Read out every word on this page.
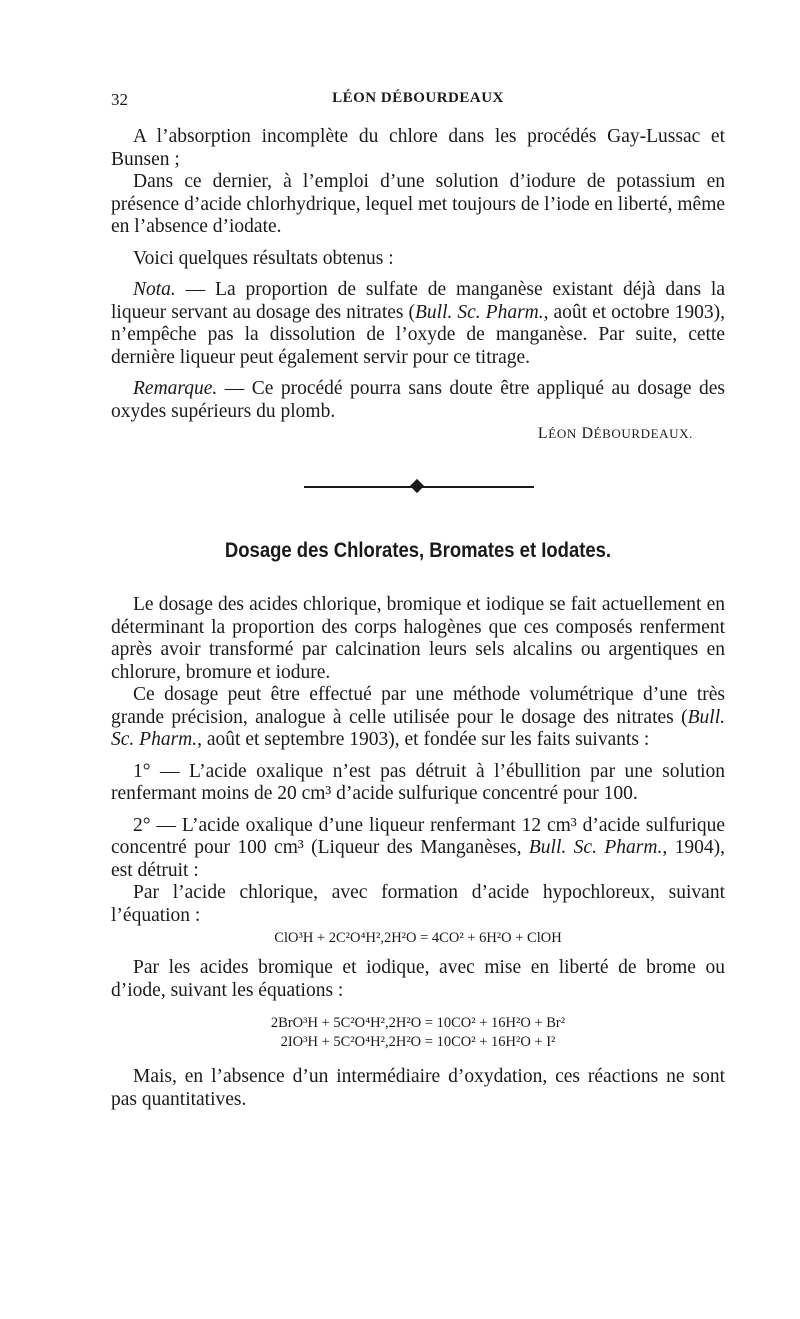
32	LÉON DÉBOURDEAUX

A l’absorption incomplète du chlore dans les procédés Gay-Lussac et Bunsen ;

Dans ce dernier, à l’emploi d’une solution d’iodure de potassium en présence d’acide chlorhydrique, lequel met toujours de l’iode en liberté, même en l’absence d’iodate.

Voici quelques résultats obtenus :

Nota. — La proportion de sulfate de manganèse existant déjà dans la liqueur servant au dosage des nitrates (Bull. Sc. Pharm., août et octobre 1903), n’empêche pas la dissolution de l’oxyde de manganèse. Par suite, cette dernière liqueur peut également servir pour ce titrage.

Remarque. — Ce procédé pourra sans doute être appliqué au dosage des oxydes supérieurs du plomb.

LÉON DÉBOURDEAUX.
Dosage des Chlorates, Bromates et Iodates.

Le dosage des acides chlorique, bromique et iodique se fait actuellement en déterminant la proportion des corps halogènes que ces composés renferment après avoir transformé par calcination leurs sels alcalins ou argentiques en chlorure, bromure et iodure.

Ce dosage peut être effectué par une méthode volumétrique d’une très grande précision, analogue à celle utilisée pour le dosage des nitrates (Bull. Sc. Pharm., août et septembre 1903), et fondée sur les faits suivants :

1° — L’acide oxalique n’est pas détruit à l’ébullition par une solution renfermant moins de 20 cm³ d’acide sulfurique concentré pour 100.

2° — L’acide oxalique d’une liqueur renfermant 12 cm³ d’acide sulfurique concentré pour 100 cm³ (Liqueur des Manganèses, Bull. Sc. Pharm., 1904), est détruit :

Par l’acide chlorique, avec formation d’acide hypochloreux, suivant l’équation :

ClO³H + 2C²O⁴H²,2H²O = 4CO² + 6H²O + ClOH

Par les acides bromique et iodique, avec mise en liberté de brome ou d’iode, suivant les équations :

2BrO³H + 5C²O⁴H²,2H²O = 10CO² + 16H²O + Br²
2IO³H + 5C²O⁴H²,2H²O = 10CO² + 16H²O + I²

Mais, en l’absence d’un intermédiaire d’oxydation, ces réactions ne sont pas quantitatives.
